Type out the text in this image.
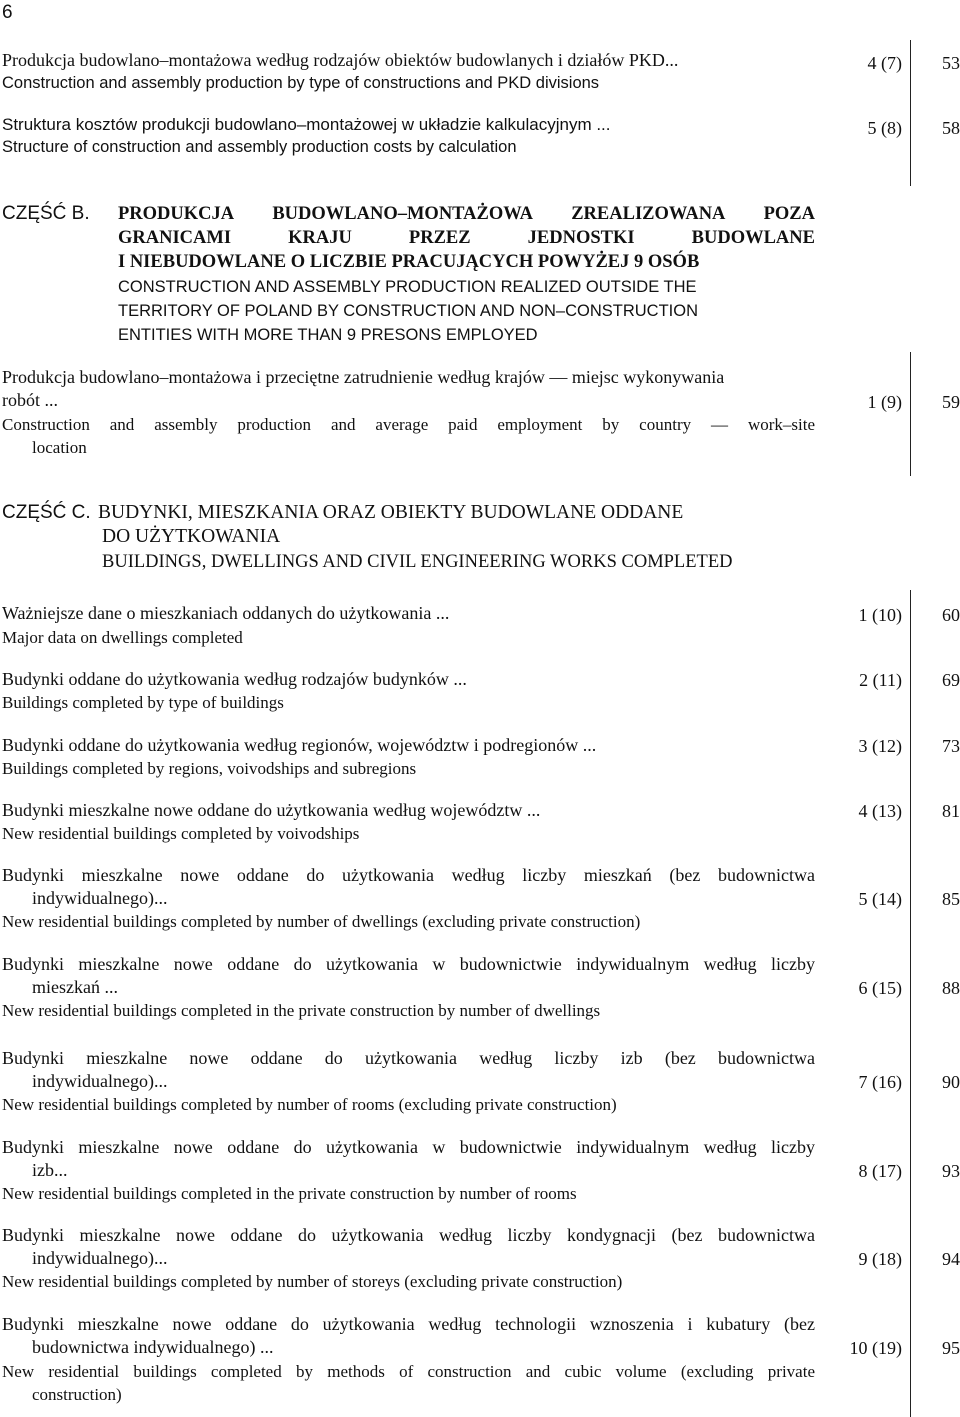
6
Produkcja budowlano–montażowa według rodzajów obiektów budowlanych i działów PKD...
Construction and assembly production by type of constructions and PKD divisions
4 (7)	53
Struktura kosztów produkcji budowlano–montażowej w układzie kalkulacyjnym ...
Structure of construction and assembly production costs by calculation
5 (8)	58
CZĘŚĆ B. PRODUKCJA BUDOWLANO–MONTAŻOWA ZREALIZOWANA POZA
GRANICAMI KRAJU PRZEZ JEDNOSTKI BUDOWLANE
I NIEBUDOWLANE O LICZBIE PRACUJĄCYCH POWYŻEJ 9 OSÓB
CONSTRUCTION AND ASSEMBLY PRODUCTION REALIZED OUTSIDE THE
TERRITORY OF POLAND BY CONSTRUCTION AND NON–CONSTRUCTION
ENTITIES WITH MORE THAN 9 PRESONS EMPLOYED
Produkcja budowlano–montażowa i przeciętne zatrudnienie według krajów — miejsc wykonywania
robót ...
Construction and assembly production and average paid employment by country — work–site
location
1 (9)	59
CZĘŚĆ C. BUDYNKI, MIESZKANIA ORAZ OBIEKTY BUDOWLANE ODDANE
DO UŻYTKOWANIA
BUILDINGS, DWELLINGS AND CIVIL ENGINEERING WORKS COMPLETED
Ważniejsze dane o mieszkaniach oddanych do użytkowania ...
Major data on dwellings completed
1 (10)	60
Budynki oddane do użytkowania według rodzajów budynków ...
Buildings completed by type of buildings
2 (11)	69
Budynki oddane do użytkowania według regionów, województw i podregionów ...
Buildings completed by regions, voivodships and subregions
3 (12)	73
Budynki mieszkalne nowe oddane do użytkowania według województw ...
New residential buildings completed by voivodships
4 (13)	81
Budynki mieszkalne nowe oddane do użytkowania według liczby mieszkań (bez budownictwa
indywidualnego)...
New residential buildings completed by number of dwellings (excluding private construction)
5 (14)	85
Budynki mieszkalne nowe oddane do użytkowania w budownictwie indywidualnym według liczby
mieszkań ...
New residential buildings completed in the private construction by number of dwellings
6 (15)	88
Budynki mieszkalne nowe oddane do użytkowania według liczby izb (bez budownictwa
indywidualnego)...
New residential buildings completed by number of rooms (excluding private construction)
7 (16)	90
Budynki mieszkalne nowe oddane do użytkowania w budownictwie indywidualnym według liczby
izb...
New residential buildings completed in the private construction by number of rooms
8 (17)	93
Budynki mieszkalne nowe oddane do użytkowania według liczby kondygnacji (bez budownictwa
indywidualnego)...
New residential buildings completed by number of storeys (excluding private construction)
9 (18)	94
Budynki mieszkalne nowe oddane do użytkowania według technologii wznoszenia i kubatury (bez
budownictwa indywidualnego) ...
New residential buildings completed by methods of construction and cubic volume (excluding private
construction)
10 (19)	95
